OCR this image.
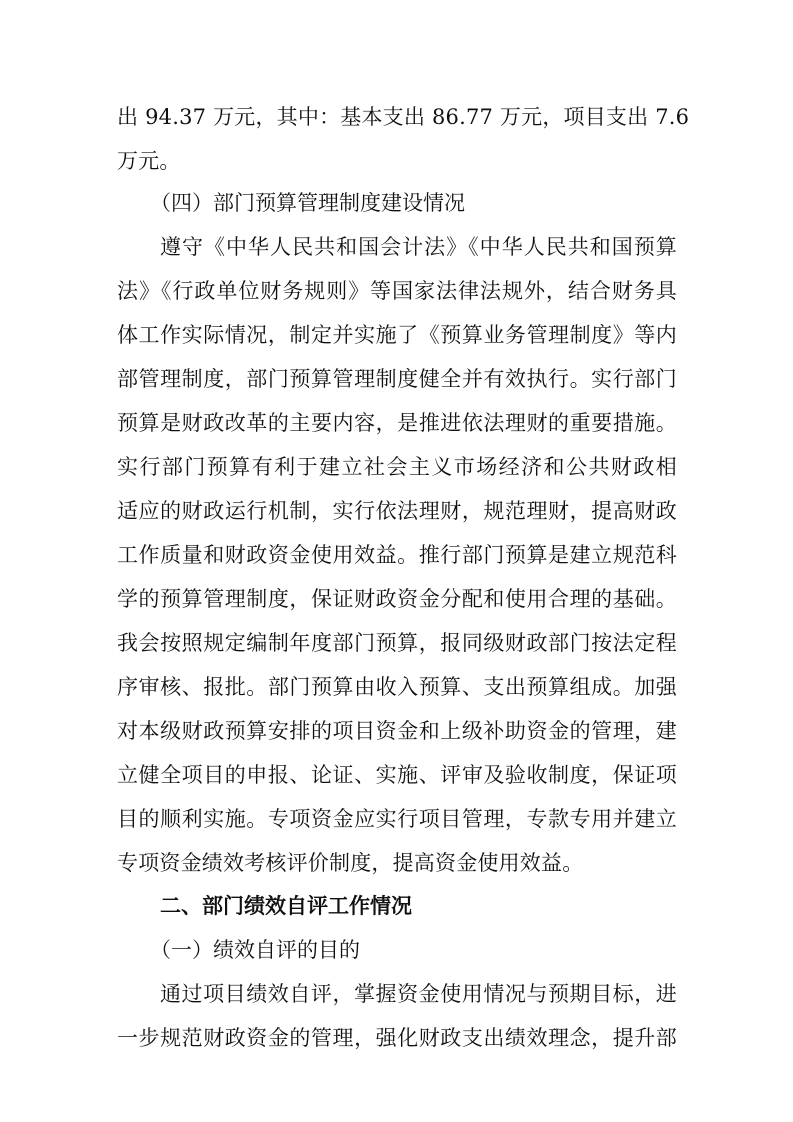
出 94.37 万元，其中：基本支出 86.77 万元，项目支出 7.6
万元。
（四）部门预算管理制度建设情况
遵守《中华人民共和国会计法》《中华人民共和国预算
法》《行政单位财务规则》等国家法律法规外，结合财务具
体工作实际情况，制定并实施了《预算业务管理制度》等内
部管理制度，部门预算管理制度健全并有效执行。实行部门
预算是财政改革的主要内容，是推进依法理财的重要措施。
实行部门预算有利于建立社会主义市场经济和公共财政相
适应的财政运行机制，实行依法理财，规范理财，提高财政
工作质量和财政资金使用效益。推行部门预算是建立规范科
学的预算管理制度，保证财政资金分配和使用合理的基础。
我会按照规定编制年度部门预算，报同级财政部门按法定程
序审核、报批。部门预算由收入预算、支出预算组成。加强
对本级财政预算安排的项目资金和上级补助资金的管理，建
立健全项目的申报、论证、实施、评审及验收制度，保证项
目的顺利实施。专项资金应实行项目管理，专款专用并建立
专项资金绩效考核评价制度，提高资金使用效益。
二、部门绩效自评工作情况
（一）绩效自评的目的
通过项目绩效自评，掌握资金使用情况与预期目标，进
一步规范财政资金的管理，强化财政支出绩效理念，提升部
